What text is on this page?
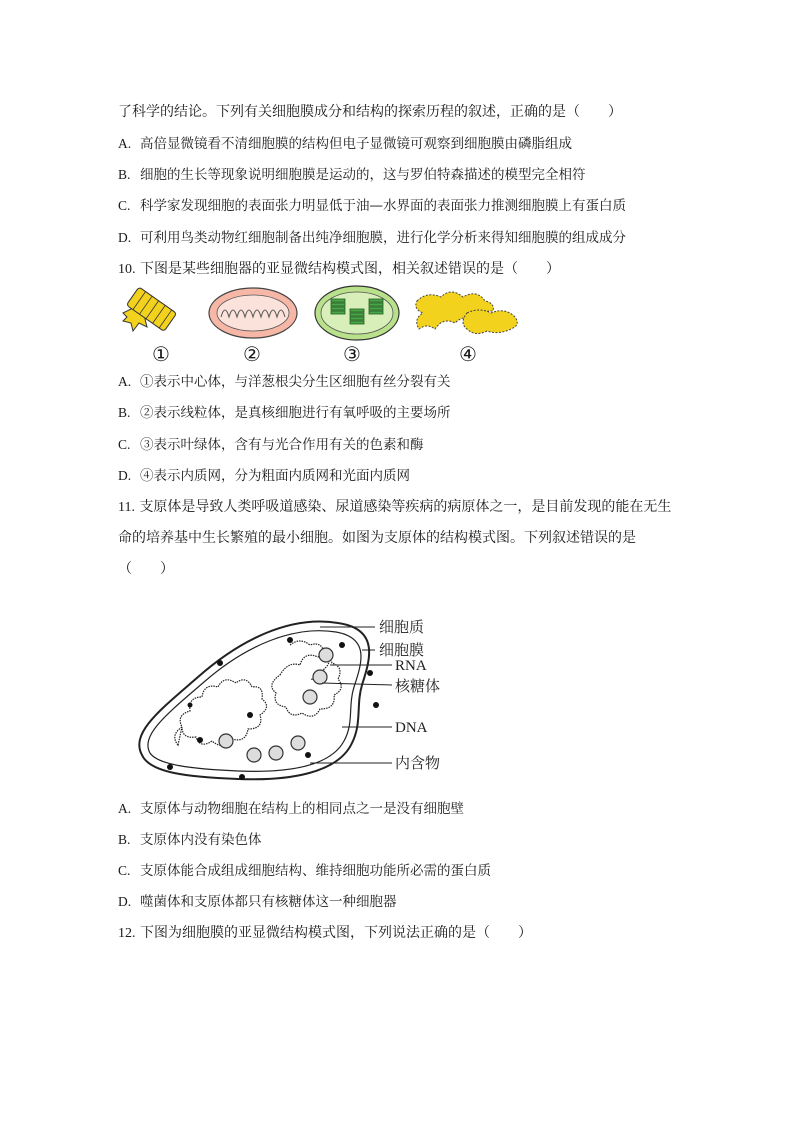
了科学的结论。下列有关细胞膜成分和结构的探索历程的叙述，正确的是（　　）
A. 高倍显微镜看不清细胞膜的结构但电子显微镜可观察到细胞膜由磷脂组成
B. 细胞的生长等现象说明细胞膜是运动的，这与罗伯特森描述的模型完全相符
C. 科学家发现细胞的表面张力明显低于油—水界面的表面张力推测细胞膜上有蛋白质
D. 可利用鸟类动物红细胞制备出纯净细胞膜，进行化学分析来得知细胞膜的组成成分
10. 下图是某些细胞器的亚显微结构模式图，相关叙述错误的是（　　）
①	②	③	④
A. ①表示中心体，与洋葱根尖分生区细胞有丝分裂有关
B. ②表示线粒体，是真核细胞进行有氧呼吸的主要场所
C. ③表示叶绿体，含有与光合作用有关的色素和酶
D. ④表示内质网，分为粗面内质网和光面内质网
11. 支原体是导致人类呼吸道感染、尿道感染等疾病的病原体之一，是目前发现的能在无生
命的培养基中生长繁殖的最小细胞。如图为支原体的结构模式图。下列叙述错误的是
（　　）
细胞质
细胞膜
RNA
核糖体
DNA
内含物
A. 支原体与动物细胞在结构上的相同点之一是没有细胞壁
B. 支原体内没有染色体
C. 支原体能合成组成细胞结构、维持细胞功能所必需的蛋白质
D. 噬菌体和支原体都只有核糖体这一种细胞器
12. 下图为细胞膜的亚显微结构模式图，下列说法正确的是（　　）
